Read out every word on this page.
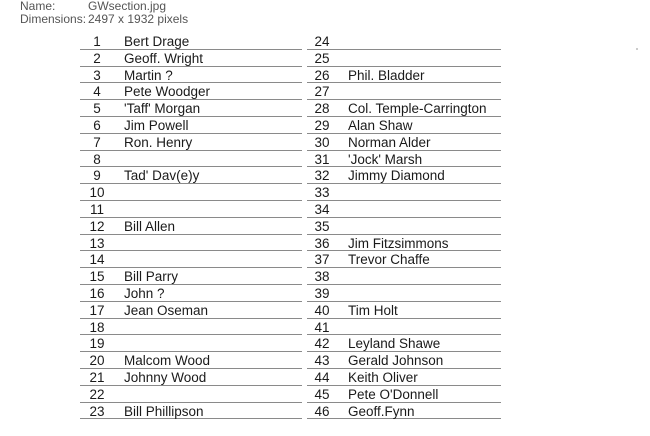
Name:	GWsection.jpg
Dimensions: 2497 x 1932 pixels
1	Bert Drage
2	Geoff. Wright
3	Martin ?
4	Pete Woodger
5	'Taff' Morgan
6	Jim Powell
7	Ron. Henry
8
9	Tad' Dav(e)y
10
11
12	Bill Allen
13
14
15	Bill Parry
16	John ?
17	Jean Oseman
18
19
20	Malcom Wood
21	Johnny Wood
22
23	Bill Phillipson
24
25
26	Phil. Bladder
27
28	Col. Temple-Carrington
29	Alan Shaw
30	Norman Alder
31	'Jock' Marsh
32	Jimmy Diamond
33
34
35
36	Jim Fitzsimmons
37	Trevor Chaffe
38
39
40	Tim Holt
41
42	Leyland Shawe
43	Gerald Johnson
44	Keith Oliver
45	Pete O'Donnell
46	Geoff.Fynn
